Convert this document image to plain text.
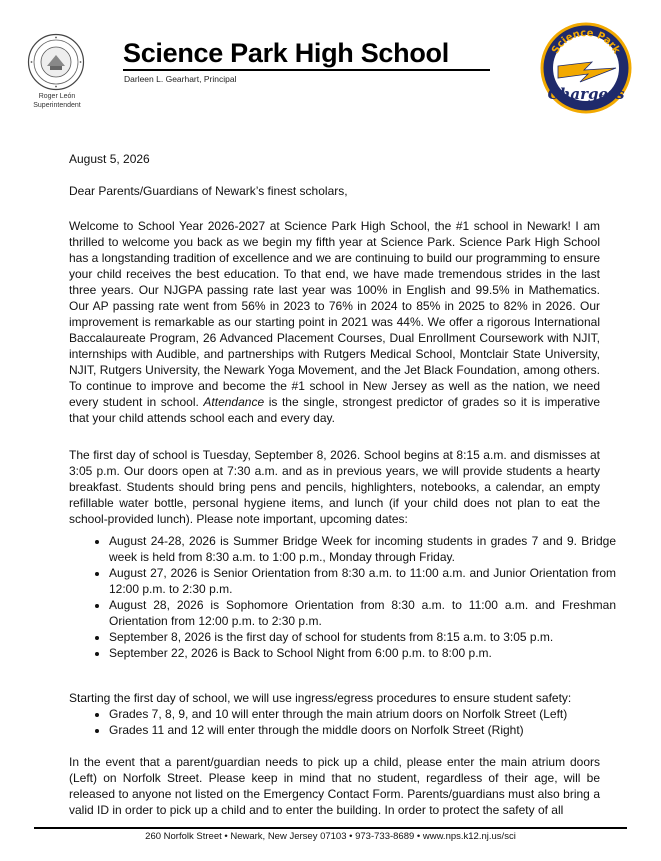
Roger León
Superintendent
Science Park High School
Darleen L. Gearhart, Principal
Science Park
Chargers
August 5, 2026
Dear Parents/Guardians of Newark’s finest scholars,

Welcome to School Year 2026-2027 at Science Park High School, the #1 school in Newark! I am thrilled to welcome you back as we begin my fifth year at Science Park. Science Park High School has a longstanding tradition of excellence and we are continuing to build our programming to ensure your child receives the best education. To that end, we have made tremendous strides in the last three years. Our NJGPA passing rate last year was 100% in English and 99.5% in Mathematics. Our AP passing rate went from 56% in 2023 to 76% in 2024 to 85% in 2025 to 82% in 2026. Our improvement is remarkable as our starting point in 2021 was 44%. We offer a rigorous International Baccalaureate Program, 26 Advanced Placement Courses, Dual Enrollment Coursework with NJIT, internships with Audible, and partnerships with Rutgers Medical School, Montclair State University, NJIT, Rutgers University, the Newark Yoga Movement, and the Jet Black Foundation, among others. To continue to improve and become the #1 school in New Jersey as well as the nation, we need every student in school. Attendance is the single, strongest predictor of grades so it is imperative that your child attends school each and every day.

The first day of school is Tuesday, September 8, 2026. School begins at 8:15 a.m. and dismisses at 3:05 p.m. Our doors open at 7:30 a.m. and as in previous years, we will provide students a hearty breakfast. Students should bring pens and pencils, highlighters, notebooks, a calendar, an empty refillable water bottle, personal hygiene items, and lunch (if your child does not plan to eat the school-provided lunch). Please note important, upcoming dates:

• August 24-28, 2026 is Summer Bridge Week for incoming students in grades 7 and 9. Bridge week is held from 8:30 a.m. to 1:00 p.m., Monday through Friday.
• August 27, 2026 is Senior Orientation from 8:30 a.m. to 11:00 a.m. and Junior Orientation from 12:00 p.m. to 2:30 p.m.
• August 28, 2026 is Sophomore Orientation from 8:30 a.m. to 11:00 a.m. and Freshman Orientation from 12:00 p.m. to 2:30 p.m.
• September 8, 2026 is the first day of school for students from 8:15 a.m. to 3:05 p.m.
• September 22, 2026 is Back to School Night from 6:00 p.m. to 8:00 p.m.

Starting the first day of school, we will use ingress/egress procedures to ensure student safety:

• Grades 7, 8, 9, and 10 will enter through the main atrium doors on Norfolk Street (Left)
• Grades 11 and 12 will enter through the middle doors on Norfolk Street (Right)

In the event that a parent/guardian needs to pick up a child, please enter the main atrium doors (Left) on Norfolk Street. Please keep in mind that no student, regardless of their age, will be released to anyone not listed on the Emergency Contact Form. Parents/guardians must also bring a valid ID in order to pick up a child and to enter the building. In order to protect the safety of all

260 Norfolk Street • Newark, New Jersey 07103 • 973-733-8689 • www.nps.k12.nj.us/sci
